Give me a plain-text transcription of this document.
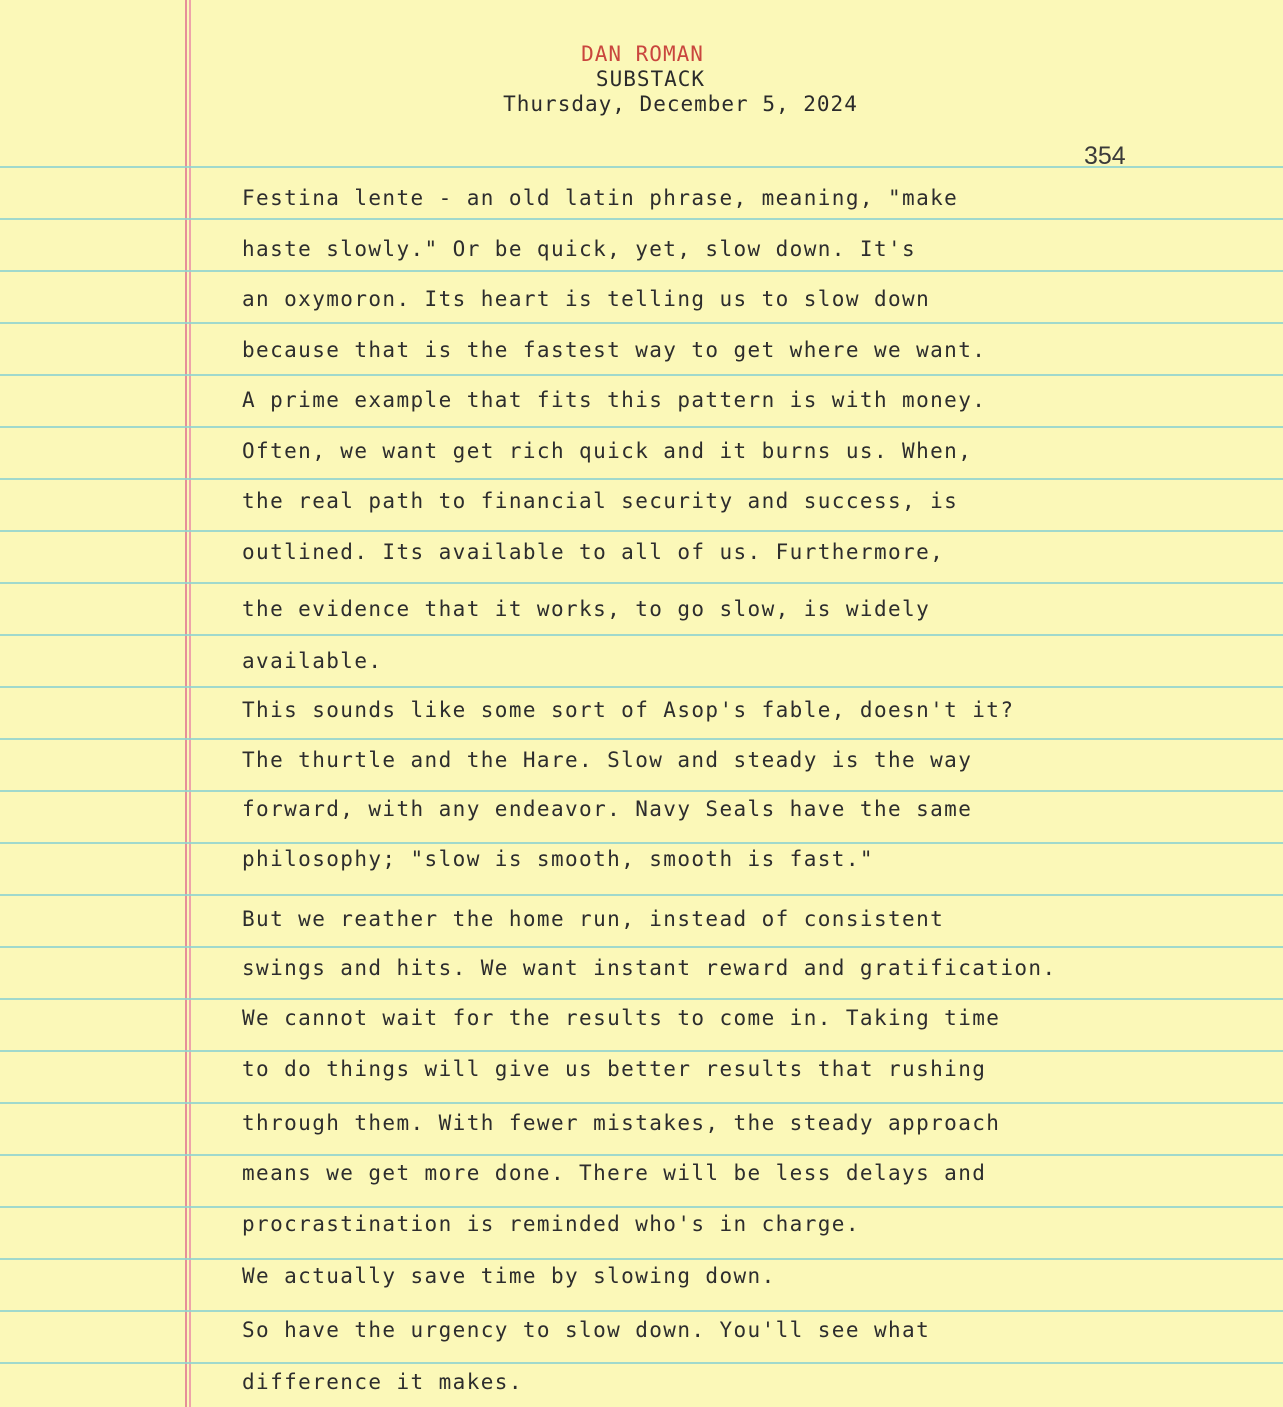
DAN ROMAN
SUBSTACK
Thursday, December 5, 2024
354
Festina lente - an old latin phrase, meaning, "make
haste slowly." Or be quick, yet, slow down. It's
an oxymoron. Its heart is telling us to slow down
because that is the fastest way to get where we want.
A prime example that fits this pattern is with money.
Often, we want get rich quick and it burns us. When,
the real path to financial security and success, is
outlined. Its available to all of us. Furthermore,
the evidence that it works, to go slow, is widely
available.
This sounds like some sort of Asop's fable, doesn't it?
The thurtle and the Hare. Slow and steady is the way
forward, with any endeavor. Navy Seals have the same
philosophy; "slow is smooth, smooth is fast."
But we reather the home run, instead of consistent
swings and hits. We want instant reward and gratification.
We cannot wait for the results to come in. Taking time
to do things will give us better results that rushing
through them. With fewer mistakes, the steady approach
means we get more done. There will be less delays and
procrastination is reminded who's in charge.
We actually save time by slowing down.
So have the urgency to slow down. You'll see what
difference it makes.
